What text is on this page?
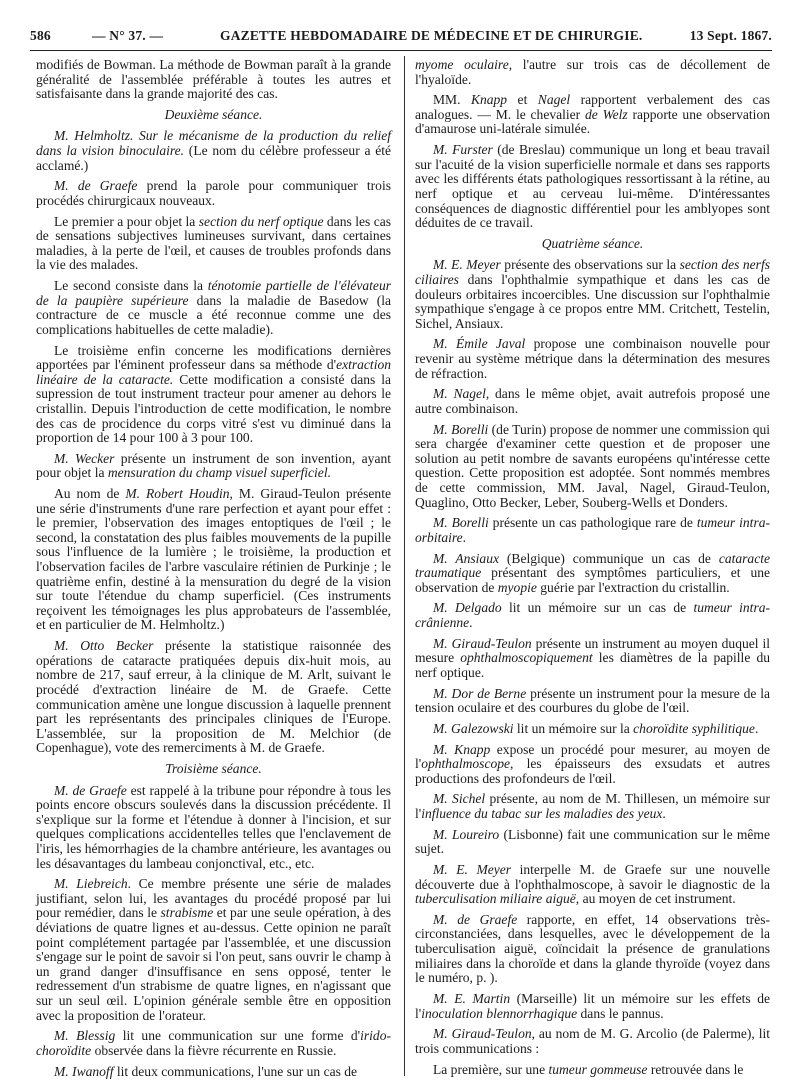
586	— N° 37. —	GAZETTE HEBDOMADAIRE DE MÉDECINE ET DE CHIRURGIE.	13 Sept. 1867.

modifiés de Bowman. La méthode de Bowman paraît à la grande généralité de l'assemblée préférable à toutes les autres et satisfaisante dans la grande majorité des cas.

Deuxième séance.

M. Helmholtz. Sur le mécanisme de la production du relief dans la vision binoculaire. (Le nom du célèbre professeur a été acclamé.)

M. de Graefe prend la parole pour communiquer trois procédés chirurgicaux nouveaux.

Le premier a pour objet la section du nerf optique dans les cas de sensations subjectives lumineuses survivant, dans certaines maladies, à la perte de l'œil, et causes de troubles profonds dans la vie des malades.

Le second consiste dans la ténotomie partielle de l'élévateur de la paupière supérieure dans la maladie de Basedow (la contracture de ce muscle a été reconnue comme une des complications habituelles de cette maladie).

Le troisième enfin concerne les modifications dernières apportées par l'éminent professeur dans sa méthode d'extraction linéaire de la cataracte. Cette modification a consisté dans la supression de tout instrument tracteur pour amener au dehors le cristallin. Depuis l'introduction de cette modification, le nombre des cas de procidence du corps vitré s'est vu diminué dans la proportion de 14 pour 100 à 3 pour 100.

M. Wecker présente un instrument de son invention, ayant pour objet la mensuration du champ visuel superficiel.

Au nom de M. Robert Houdin, M. Giraud-Teulon présente une série d'instruments d'une rare perfection et ayant pour effet : le premier, l'observation des images entoptiques de l'œil ; le second, la constatation des plus faibles mouvements de la pupille sous l'influence de la lumière ; le troisième, la production et l'observation faciles de l'arbre vasculaire rétinien de Purkinje ; le quatrième enfin, destiné à la mensuration du degré de la vision sur toute l'étendue du champ superficiel. (Ces instruments reçoivent les témoignages les plus approbateurs de l'assemblée, et en particulier de M. Helmholtz.)

M. Otto Becker présente la statistique raisonnée des opérations de cataracte pratiquées depuis dix-huit mois, au nombre de 217, sauf erreur, à la clinique de M. Arlt, suivant le procédé d'extraction linéaire de M. de Graefe. Cette communication amène une longue discussion à laquelle prennent part les représentants des principales cliniques de l'Europe. L'assemblée, sur la proposition de M. Melchior (de Copenhague), vote des remerciments à M. de Graefe.

Troisième séance.

M. de Graefe est rappelé à la tribune pour répondre à tous les points encore obscurs soulevés dans la discussion précédente. Il s'explique sur la forme et l'étendue à donner à l'incision, et sur quelques complications accidentelles telles que l'enclavement de l'iris, les hémorrhagies de la chambre antérieure, les avantages ou les désavantages du lambeau conjonctival, etc., etc.

M. Liebreich. Ce membre présente une série de malades justifiant, selon lui, les avantages du procédé proposé par lui pour remédier, dans le strabisme et par une seule opération, à des déviations de quatre lignes et au-dessus. Cette opinion ne paraît point complétement partagée par l'assemblée, et une discussion s'engage sur le point de savoir si l'on peut, sans ouvrir le champ à un grand danger d'insuffisance en sens opposé, tenter le redressement d'un strabisme de quatre lignes, en n'agissant que sur un seul œil. L'opinion générale semble être en opposition avec la proposition de l'orateur.

M. Blessig lit une communication sur une forme d'irido-choroïdite observée dans la fièvre récurrente en Russie.

M. Iwanoff lit deux communications, l'une sur un cas de

myome oculaire, l'autre sur trois cas de décollement de l'hyaloïde.

MM. Knapp et Nagel rapportent verbalement des cas analogues. — M. le chevalier de Welz rapporte une observation d'amaurose uni-latérale simulée.

M. Furster (de Breslau) communique un long et beau travail sur l'acuité de la vision superficielle normale et dans ses rapports avec les différents états pathologiques ressortissant à la rétine, au nerf optique et au cerveau lui-même. D'intéressantes conséquences de diagnostic différentiel pour les amblyopes sont déduites de ce travail.

Quatrième séance.

M. E. Meyer présente des observations sur la section des nerfs ciliaires dans l'ophthalmie sympathique et dans les cas de douleurs orbitaires incoercibles. Une discussion sur l'ophthalmie sympathique s'engage à ce propos entre MM. Critchett, Testelin, Sichel, Ansiaux.

M. Émile Javal propose une combinaison nouvelle pour revenir au système métrique dans la détermination des mesures de réfraction.

M. Nagel, dans le même objet, avait autrefois proposé une autre combinaison.

M. Borelli (de Turin) propose de nommer une commission qui sera chargée d'examiner cette question et de proposer une solution au petit nombre de savants européens qu'intéresse cette question. Cette proposition est adoptée. Sont nommés membres de cette commission, MM. Javal, Nagel, Giraud-Teulon, Quaglino, Otto Becker, Leber, Souberg-Wells et Donders.

M. Borelli présente un cas pathologique rare de tumeur intra-orbitaire.

M. Ansiaux (Belgique) communique un cas de cataracte traumatique présentant des symptômes particuliers, et une observation de myopie guérie par l'extraction du cristallin.

M. Delgado lit un mémoire sur un cas de tumeur intra-crânienne.

M. Giraud-Teulon présente un instrument au moyen duquel il mesure ophthalmoscopiquement les diamètres de la papille du nerf optique.

M. Dor de Berne présente un instrument pour la mesure de la tension oculaire et des courbures du globe de l'œil.

M. Galezowski lit un mémoire sur la choroïdite syphilitique.

M. Knapp expose un procédé pour mesurer, au moyen de l'ophthalmoscope, les épaisseurs des exsudats et autres productions des profondeurs de l'œil.

M. Sichel présente, au nom de M. Thillesen, un mémoire sur l'influence du tabac sur les maladies des yeux.

M. Loureiro (Lisbonne) fait une communication sur le même sujet.

M. E. Meyer interpelle M. de Graefe sur une nouvelle découverte due à l'ophthalmoscope, à savoir le diagnostic de la tuberculisation miliaire aiguë, au moyen de cet instrument.

M. de Graefe rapporte, en effet, 14 observations très-circonstanciées, dans lesquelles, avec le développement de la tuberculisation aiguë, coïncidait la présence de granulations miliaires dans la choroïde et dans la glande thyroïde (voyez dans le numéro, p. ).

M. E. Martin (Marseille) lit un mémoire sur les effets de l'inoculation blennorrhagique dans le pannus.

M. Giraud-Teulon, au nom de M. G. Arcolio (de Palerme), lit trois communications :

La première, sur une tumeur gommeuse retrouvée dans le
